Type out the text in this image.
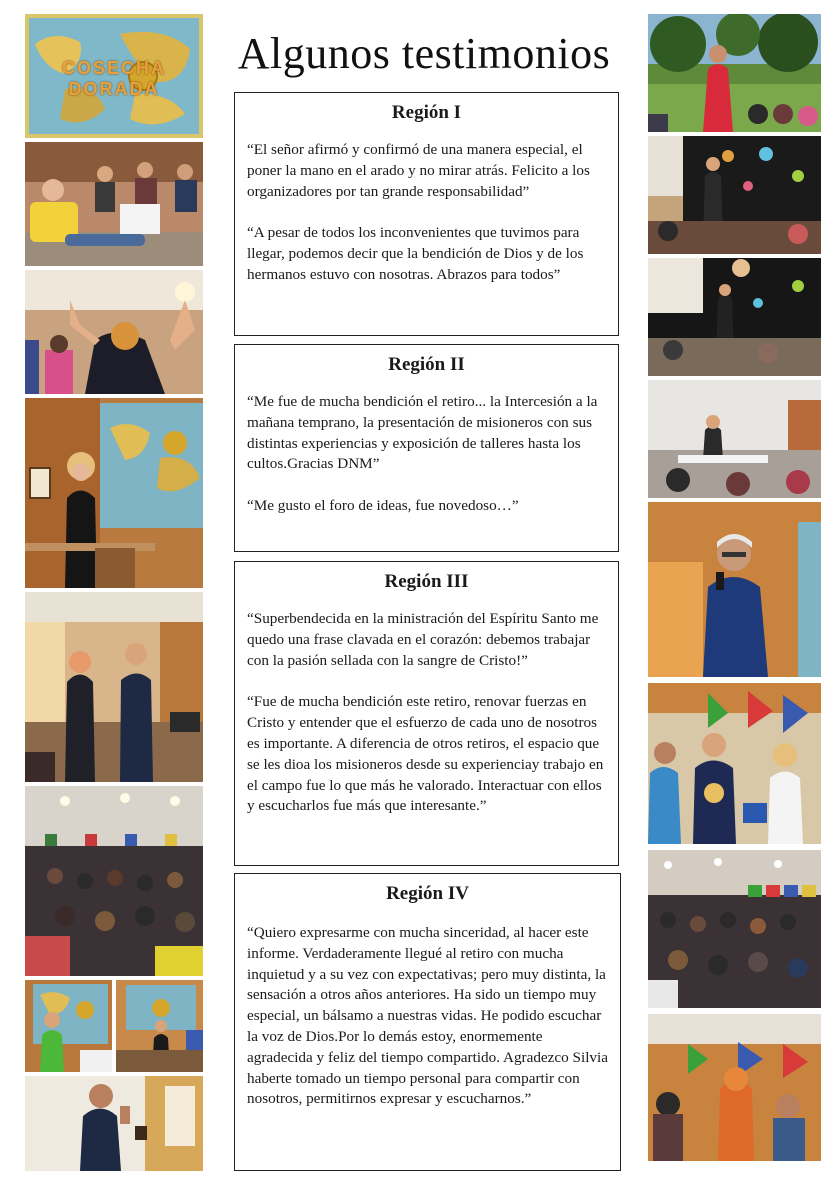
Algunos testimonios
COSECHA DORADA
Región I

“El señor afirmó y confirmó de una manera especial, el poner la mano en el arado y no mirar atrás. Felicito a los organizadores por tan grande responsabilidad”

“A pesar de todos los inconvenientes que tuvimos para llegar, podemos decir que la bendición de Dios y de los hermanos estuvo con nosotras. Abrazos para todos”

Región II

“Me fue de mucha bendición el retiro... la Intercesión a la mañana temprano, la presentación de misioneros con sus distintas experiencias y exposición de talleres hasta los cultos.Gracias DNM”

“Me gusto el foro de ideas, fue novedoso…”

Región III

“Superbendecida en la ministración del Espíritu Santo me quedo una frase clavada en el corazón: debemos trabajar con la pasión sellada con la sangre de Cristo!”

“Fue de mucha bendición este retiro, renovar fuerzas en Cristo y entender que el esfuerzo de cada uno de nosotros es importante. A diferencia de otros retiros, el espacio que se les dioa los misioneros desde su experienciay trabajo en el campo fue lo que más he valorado. Interactuar con ellos y escucharlos fue más que interesante.”

Región IV

“Quiero expresarme con mucha sinceridad, al hacer este informe. Verdaderamente llegué al retiro con mucha inquietud y a su vez con expectativas; pero muy distinta, la sensación a otros años anteriores. Ha sido un tiempo muy especial, un bálsamo a nuestras vidas. He podido escuchar la voz de Dios.Por lo demás estoy, enormemente agradecida y feliz del tiempo compartido. Agradezco Silvia haberte tomado un tiempo personal para compartir con nosotros, permitirnos expresar y escucharnos.”
